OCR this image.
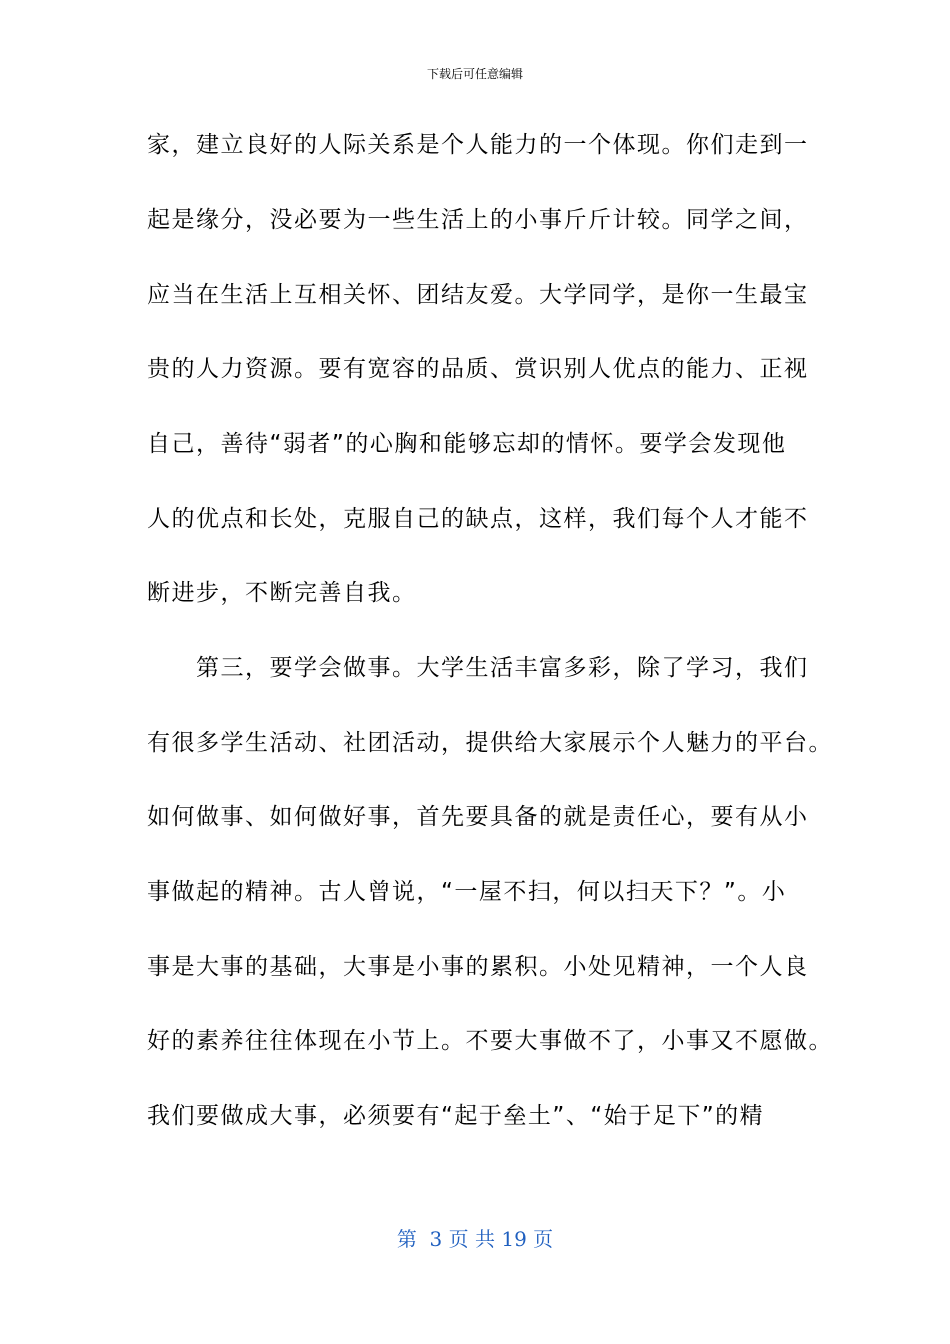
下载后可任意编辑
家，建立良好的人际关系是个人能力的一个体现。你们走到一
起是缘分，没必要为一些生活上的小事斤斤计较。同学之间，
应当在生活上互相关怀、团结友爱。大学同学，是你一生最宝
贵的人力资源。要有宽容的品质、赏识别人优点的能力、正视
自己，善待“弱者”的心胸和能够忘却的情怀。要学会发现他
人的优点和长处，克服自己的缺点，这样，我们每个人才能不
断进步，不断完善自我。
　　第三，要学会做事。大学生活丰富多彩，除了学习，我们
有很多学生活动、社团活动，提供给大家展示个人魅力的平台。
如何做事、如何做好事，首先要具备的就是责任心，要有从小
事做起的精神。古人曾说，“一屋不扫，何以扫天下？”。小
事是大事的基础，大事是小事的累积。小处见精神，一个人良
好的素养往往体现在小节上。不要大事做不了，小事又不愿做。
我们要做成大事，必须要有“起于垒土”、“始于足下”的精
第  3 页 共 19 页
